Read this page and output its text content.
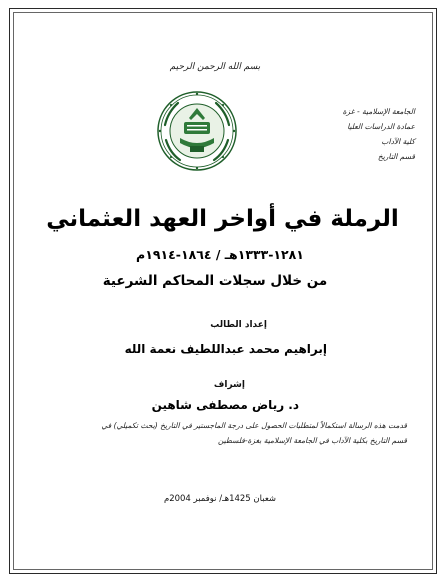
بسم الله الرحمن الرحيم
الجامعة الإسلامية - غزة
عمادة الدراسات العليا
كلية الآداب
قسم التاريخ
الرملة في أواخر العهد العثماني
١٢٨١-١٣٣٣هـ / ١٨٦٤-١٩١٤م
من خلال سجلات المحاكم الشرعية
إعداد الطالب
إبراهيم محمد عبداللطيف نعمة الله
إشراف
د. رياض مصطفى شاهين
قدمت هذه الرسالة استكمالاً لمتطلبات الحصول على درجة الماجستير في التاريخ (بحث تكميلي) في
قسم التاريخ بكلية الآداب في الجامعة الإسلامية بغزة-فلسطين
شعبان 1425هـ/ نوفمبر 2004م
